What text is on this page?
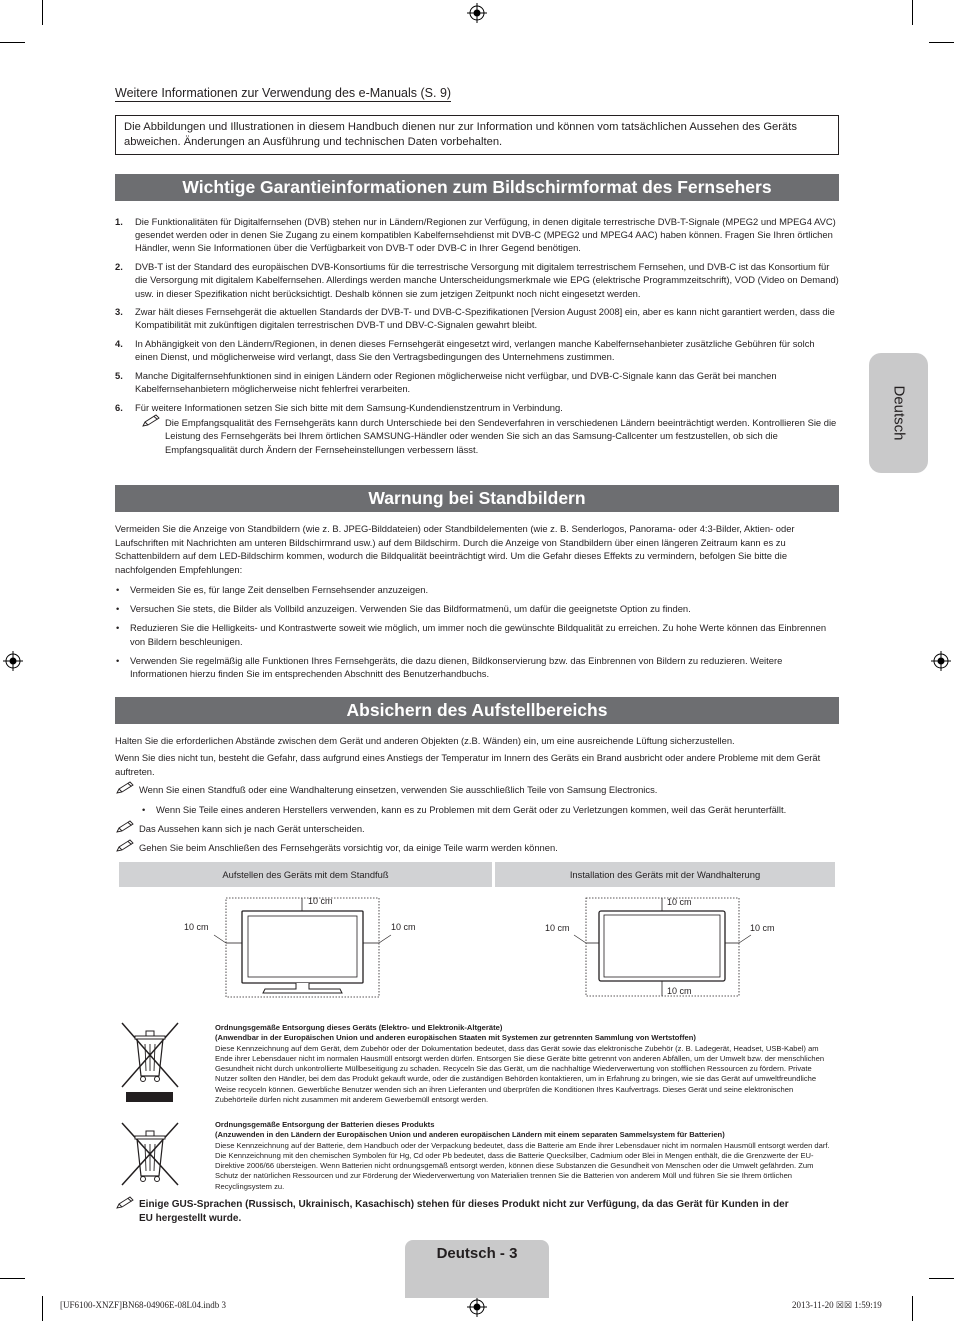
Deutsch
Weitere Informationen zur Verwendung des e-Manuals (S. 9)
Die Abbildungen und Illustrationen in diesem Handbuch dienen nur zur Information und können vom tatsächlichen Aussehen des Geräts abweichen. Änderungen an Ausführung und technischen Daten vorbehalten.
Wichtige Garantieinformationen zum Bildschirmformat des Fernsehers
1. Die Funktionalitäten für Digitalfernsehen (DVB) stehen nur in Ländern/Regionen zur Verfügung, in denen digitale terrestrische DVB-T-Signale (MPEG2 und MPEG4 AVC) gesendet werden oder in denen Sie Zugang zu einem kompatiblen Kabelfernsehdienst mit DVB-C (MPEG2 und MPEG4 AAC) haben können. Fragen Sie Ihren örtlichen Händler, wenn Sie Informationen über die Verfügbarkeit von DVB-T oder DVB-C in Ihrer Gegend benötigen.
2. DVB-T ist der Standard des europäischen DVB-Konsortiums für die terrestrische Versorgung mit digitalem terrestrischem Fernsehen, und DVB-C ist das Konsortium für die Versorgung mit digitalem Kabelfernsehen. Allerdings werden manche Unterscheidungsmerkmale wie EPG (elektrische Programmzeitschrift), VOD (Video on Demand) usw. in dieser Spezifikation nicht berücksichtigt. Deshalb können sie zum jetzigen Zeitpunkt noch nicht eingesetzt werden.
3. Zwar hält dieses Fernsehgerät die aktuellen Standards der DVB-T- und DVB-C-Spezifikationen [Version August 2008] ein, aber es kann nicht garantiert werden, dass die Kompatibilität mit zukünftigen digitalen terrestrischen DVB-T und DBV-C-Signalen gewahrt bleibt.
4. In Abhängigkeit von den Ländern/Regionen, in denen dieses Fernsehgerät eingesetzt wird, verlangen manche Kabelfernsehanbieter zusätzliche Gebühren für solch einen Dienst, und möglicherweise wird verlangt, dass Sie den Vertragsbedingungen des Unternehmens zustimmen.
5. Manche Digitalfernsehfunktionen sind in einigen Ländern oder Regionen möglicherweise nicht verfügbar, und DVB-C-Signale kann das Gerät bei manchen Kabelfernsehanbietern möglicherweise nicht fehlerfrei verarbeiten.
6. Für weitere Informationen setzen Sie sich bitte mit dem Samsung-Kundendienstzentrum in Verbindung.
Die Empfangsqualität des Fernsehgeräts kann durch Unterschiede bei den Sendeverfahren in verschiedenen Ländern beeinträchtigt werden. Kontrollieren Sie die Leistung des Fernsehgeräts bei Ihrem örtlichen SAMSUNG-Händler oder wenden Sie sich an das Samsung-Callcenter um festzustellen, ob sich die Empfangsqualität durch Ändern der Fernseheinstellungen verbessern lässt.
Warnung bei Standbildern
Vermeiden Sie die Anzeige von Standbildern (wie z. B. JPEG-Bilddateien) oder Standbildelementen (wie z. B. Senderlogos, Panorama- oder 4:3-Bilder, Aktien- oder Laufschriften mit Nachrichten am unteren Bildschirmrand usw.) auf dem Bildschirm. Durch die Anzeige von Standbildern über einen längeren Zeitraum kann es zu Schattenbildern auf dem LED-Bildschirm kommen, wodurch die Bildqualität beeinträchtigt wird. Um die Gefahr dieses Effekts zu vermindern, befolgen Sie bitte die nachfolgenden Empfehlungen:
• Vermeiden Sie es, für lange Zeit denselben Fernsehsender anzuzeigen.
• Versuchen Sie stets, die Bilder als Vollbild anzuzeigen. Verwenden Sie das Bildformatmenü, um dafür die geeignetste Option zu finden.
• Reduzieren Sie die Helligkeits- und Kontrastwerte soweit wie möglich, um immer noch die gewünschte Bildqualität zu erreichen. Zu hohe Werte können das Einbrennen von Bildern beschleunigen.
• Verwenden Sie regelmäßig alle Funktionen Ihres Fernsehgeräts, die dazu dienen, Bildkonservierung bzw. das Einbrennen von Bildern zu reduzieren. Weitere Informationen hierzu finden Sie im entsprechenden Abschnitt des Benutzerhandbuchs.
Absichern des Aufstellbereichs
Halten Sie die erforderlichen Abstände zwischen dem Gerät und anderen Objekten (z.B. Wänden) ein, um eine ausreichende Lüftung sicherzustellen.
Wenn Sie dies nicht tun, besteht die Gefahr, dass aufgrund eines Anstiegs der Temperatur im Innern des Geräts ein Brand ausbricht oder andere Probleme mit dem Gerät auftreten.
Wenn Sie einen Standfuß oder eine Wandhalterung einsetzen, verwenden Sie ausschließlich Teile von Samsung Electronics.
• Wenn Sie Teile eines anderen Herstellers verwenden, kann es zu Problemen mit dem Gerät oder zu Verletzungen kommen, weil das Gerät herunterfällt.
Das Aussehen kann sich je nach Gerät unterscheiden.
Gehen Sie beim Anschließen des Fernsehgeräts vorsichtig vor, da einige Teile warm werden können.
Aufstellen des Geräts mit dem Standfuß	Installation des Geräts mit der Wandhalterung
10 cm
10 cm	10 cm
10 cm
10 cm	10 cm
10 cm
Ordnungsgemäße Entsorgung dieses Geräts (Elektro- und Elektronik-Altgeräte)
(Anwendbar in der Europäischen Union und anderen europäischen Staaten mit Systemen zur getrennten Sammlung von Wertstoffen)
Diese Kennzeichnung auf dem Gerät, dem Zubehör oder der Dokumentation bedeutet, dass das Gerät sowie das elektronische Zubehör (z. B. Ladegerät, Headset, USB-Kabel) am Ende ihrer Lebensdauer nicht im normalen Hausmüll entsorgt werden dürfen. Entsorgen Sie diese Geräte bitte getrennt von anderen Abfällen, um der Umwelt bzw. der menschlichen Gesundheit nicht durch unkontrollierte Müllbeseitigung zu schaden. Recyceln Sie das Gerät, um die nachhaltige Wiederverwertung von stofflichen Ressourcen zu fördern. Private Nutzer sollten den Händler, bei dem das Produkt gekauft wurde, oder die zuständigen Behörden kontaktieren, um in Erfahrung zu bringen, wie sie das Gerät auf umweltfreundliche Weise recyceln können. Gewerbliche Benutzer wenden sich an ihren Lieferanten und überprüfen die Konditionen Ihres Kaufvertrags. Dieses Gerät und seine elektronischen Zubehörteile dürfen nicht zusammen mit anderem Gewerbemüll entsorgt werden.
Ordnungsgemäße Entsorgung der Batterien dieses Produkts
(Anzuwenden in den Ländern der Europäischen Union und anderen europäischen Ländern mit einem separaten Sammelsystem für Batterien)
Diese Kennzeichnung auf der Batterie, dem Handbuch oder der Verpackung bedeutet, dass die Batterie am Ende ihrer Lebensdauer nicht im normalen Hausmüll entsorgt werden darf. Die Kennzeichnung mit den chemischen Symbolen für Hg, Cd oder Pb bedeutet, dass die Batterie Quecksilber, Cadmium oder Blei in Mengen enthält, die die Grenzwerte der EU-Direktive 2006/66 übersteigen. Wenn Batterien nicht ordnungsgemäß entsorgt werden, können diese Substanzen die Gesundheit von Menschen oder die Umwelt gefährden. Zum Schutz der natürlichen Ressourcen und zur Förderung der Wiederverwertung von Materialien trennen Sie die Batterien von anderem Müll und führen Sie sie Ihrem örtlichen Recyclingsystem zu.
Einige GUS-Sprachen (Russisch, Ukrainisch, Kasachisch) stehen für dieses Produkt nicht zur Verfügung, da das Gerät für Kunden in der EU hergestellt wurde.
Deutsch - 3
[UF6100-XNZF]BN68-04906E-08L04.indb 3	2013-11-20 ☒☒ 1:59:19
